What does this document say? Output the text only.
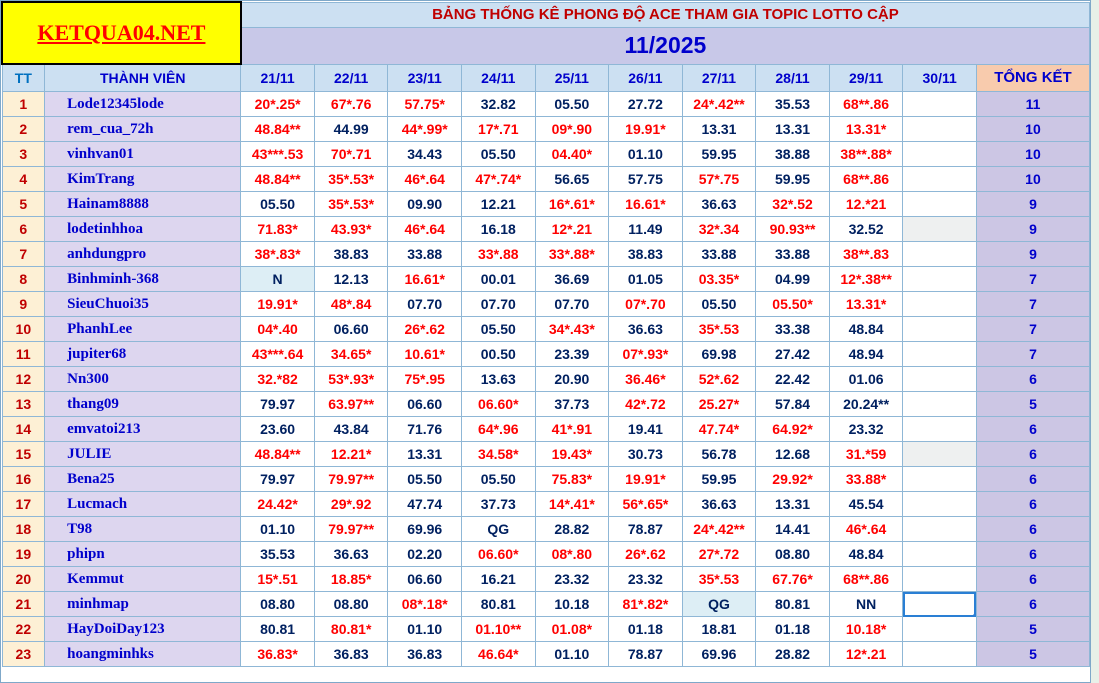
KETQUA04.NET		BẢNG THỐNG KÊ PHONG ĐỘ ACE THAM GIA TOPIC LOTTO CẬP										
		11/2025										
TT	THÀNH VIÊN	21/11	22/11	23/11	24/11	25/11	26/11	27/11	28/11	29/11	30/11	TỔNG KẾT
1	Lode12345lode	20*.25*	67*.76	57.75*	32.82	05.50	27.72	24*.42**	35.53	68**.86		11
2	rem_cua_72h	48.84**	44.99	44*.99*	17*.71	09*.90	19.91*	13.31	13.31	13.31*		10
3	vinhvan01	43***.53	70*.71	34.43	05.50	04.40*	01.10	59.95	38.88	38**.88*		10
4	KimTrang	48.84**	35*.53*	46*.64	47*.74*	56.65	57.75	57*.75	59.95	68**.86		10
5	Hainam8888	05.50	35*.53*	09.90	12.21	16*.61*	16.61*	36.63	32*.52	12.*21		9
6	lodetinhhoa	71.83*	43.93*	46*.64	16.18	12*.21	11.49	32*.34	90.93**	32.52		9
7	anhdungpro	38*.83*	38.83	33.88	33*.88	33*.88*	38.83	33.88	33.88	38**.83		9
8	Binhminh-368	N	12.13	16.61*	00.01	36.69	01.05	03.35*	04.99	12*.38**		7
9	SieuChuoi35	19.91*	48*.84	07.70	07.70	07.70	07*.70	05.50	05.50*	13.31*		7
10	PhanhLee	04*.40	06.60	26*.62	05.50	34*.43*	36.63	35*.53	33.38	48.84		7
11	jupiter68	43***.64	34.65*	10.61*	00.50	23.39	07*.93*	69.98	27.42	48.94		7
12	Nn300	32.*82	53*.93*	75*.95	13.63	20.90	36.46*	52*.62	22.42	01.06		6
13	thang09	79.97	63.97**	06.60	06.60*	37.73	42*.72	25.27*	57.84	20.24**		5
14	emvatoi213	23.60	43.84	71.76	64*.96	41*.91	19.41	47.74*	64.92*	23.32		6
15	JULIE	48.84**	12.21*	13.31	34.58*	19.43*	30.73	56.78	12.68	31.*59		6
16	Bena25	79.97	79.97**	05.50	05.50	75.83*	19.91*	59.95	29.92*	33.88*		6
17	Lucmach	24.42*	29*.92	47.74	37.73	14*.41*	56*.65*	36.63	13.31	45.54		6
18	T98	01.10	79.97**	69.96	QG	28.82	78.87	24*.42**	14.41	46*.64		6
19	phipn	35.53	36.63	02.20	06.60*	08*.80	26*.62	27*.72	08.80	48.84		6
20	Kemmut	15*.51	18.85*	06.60	16.21	23.32	23.32	35*.53	67.76*	68**.86		6
21	minhmap	08.80	08.80	08*.18*	80.81	10.18	81*.82*	QG	80.81	NN		6
22	HayDoiDay123	80.81	80.81*	01.10	01.10**	01.08*	01.18	18.81	01.18	10.18*		5
23	hoangminhks	36.83*	36.83	36.83	46.64*	01.10	78.87	69.96	28.82	12*.21		5
